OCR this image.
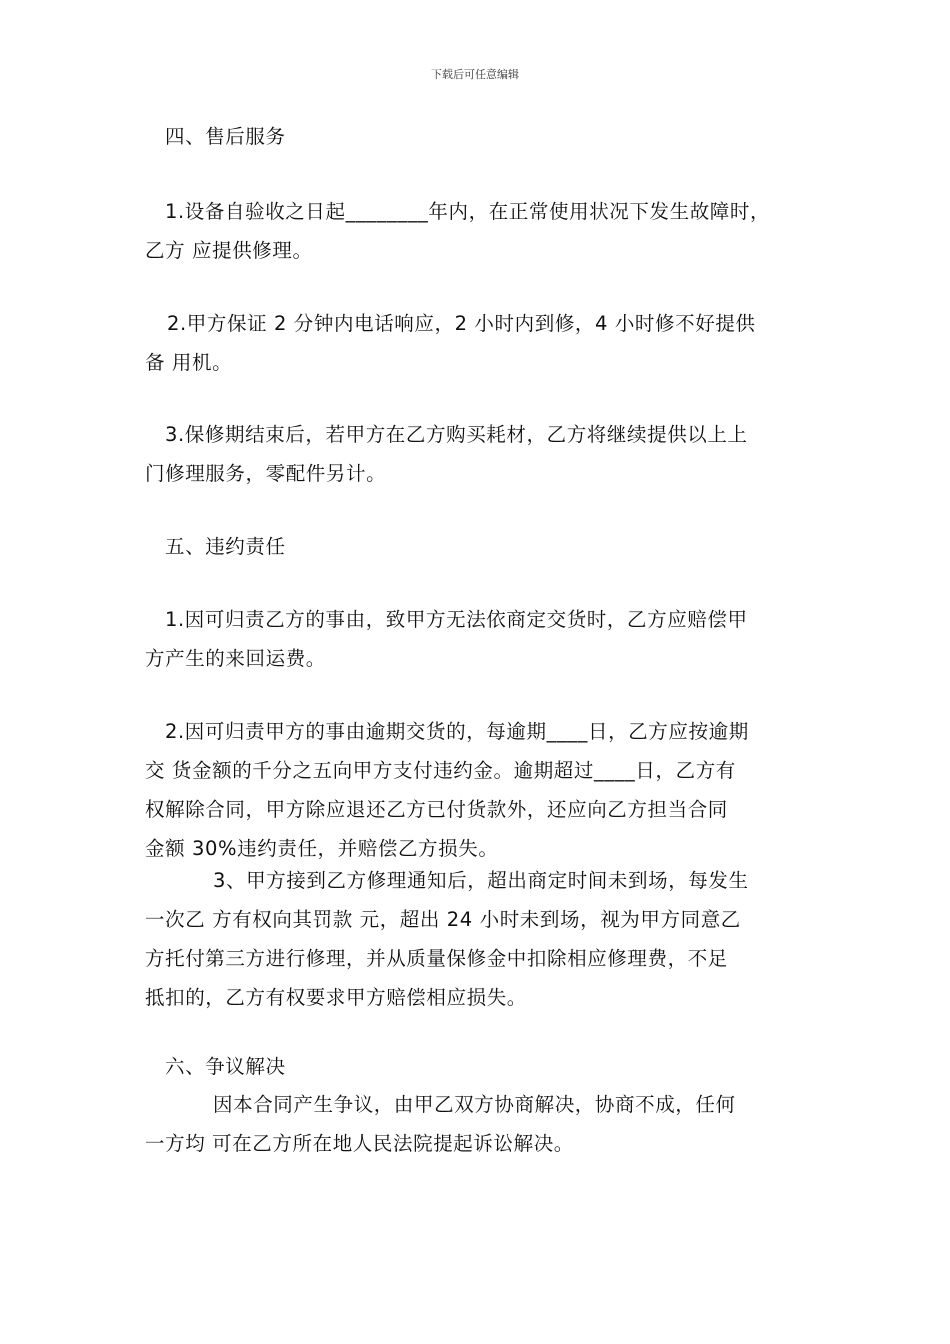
下载后可任意编辑
四、售后服务
1.设备自验收之日起________年内，在正常使用状况下发生故障时，
乙方 应提供修理。
2.甲方保证 2 分钟内电话响应，2 小时内到修，4 小时修不好提供
备 用机。
3.保修期结束后，若甲方在乙方购买耗材，乙方将继续提供以上上
门修理服务，零配件另计。
五、违约责任
1.因可归责乙方的事由，致甲方无法依商定交货时，乙方应赔偿甲
方产生的来回运费。
2.因可归责甲方的事由逾期交货的，每逾期____日，乙方应按逾期
交 货金额的千分之五向甲方支付违约金。逾期超过____日，乙方有
权解除合同，甲方除应退还乙方已付货款外，还应向乙方担当合同
金额 30%违约责任，并赔偿乙方损失。
3、甲方接到乙方修理通知后，超出商定时间未到场，每发生
一次乙 方有权向其罚款 元，超出 24 小时未到场，视为甲方同意乙
方托付第三方进行修理，并从质量保修金中扣除相应修理费，不足
抵扣的，乙方有权要求甲方赔偿相应损失。
六、争议解决
因本合同产生争议，由甲乙双方协商解决，协商不成，任何
一方均 可在乙方所在地人民法院提起诉讼解决。
